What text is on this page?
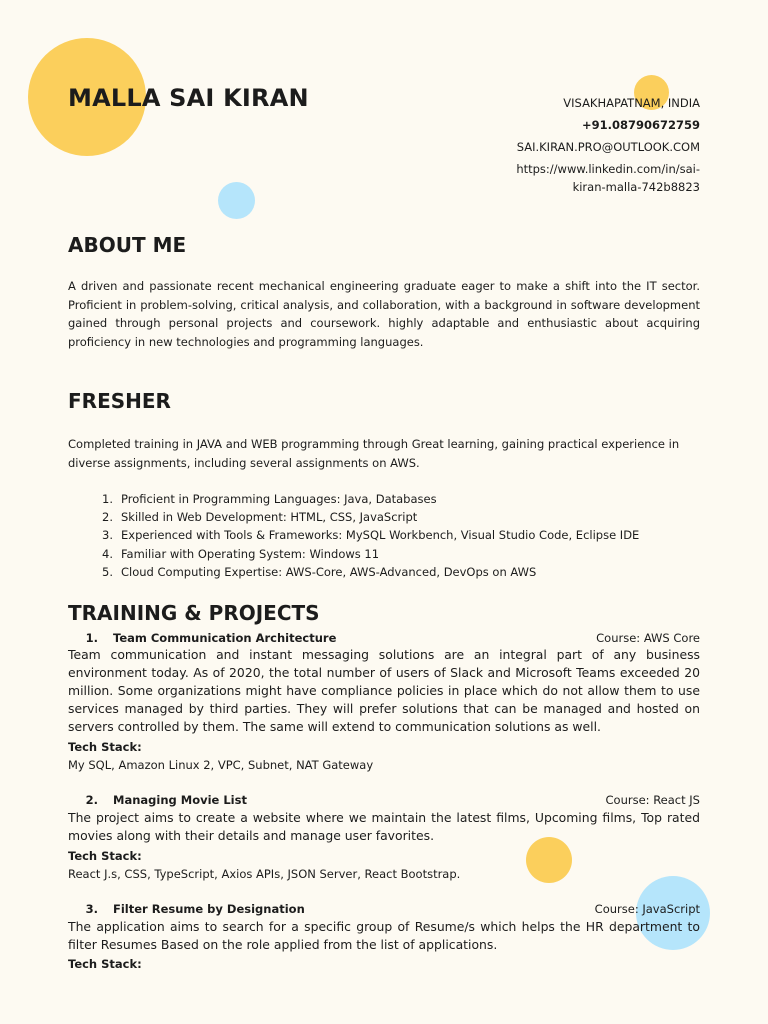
MALLA SAI KIRAN	VISAKHAPATNAM, INDIA
+91.08790672759
SAI.KIRAN.PRO@OUTLOOK.COM
https://www.linkedin.com/in/sai-
kiran-malla-742b8823
ABOUT ME

A driven and passionate recent mechanical engineering graduate eager to make a shift into the IT sector. Proficient in problem-solving, critical analysis, and collaboration, with a background in software development gained through personal projects and coursework. highly adaptable and enthusiastic about acquiring proficiency in new technologies and programming languages.

FRESHER

Completed training in JAVA and WEB programming through Great learning, gaining practical experience in diverse assignments, including several assignments on AWS.

1. Proficient in Programming Languages: Java, Databases
2. Skilled in Web Development: HTML, CSS, JavaScript
3. Experienced with Tools & Frameworks: MySQL Workbench, Visual Studio Code, Eclipse IDE
4. Familiar with Operating System: Windows 11
5. Cloud Computing Expertise: AWS-Core, AWS-Advanced, DevOps on AWS
TRAINING & PROJECTS
1.	Team Communication Architecture	Course: AWS Core

Team communication and instant messaging solutions are an integral part of any business environment today. As of 2020, the total number of users of Slack and Microsoft Teams exceeded 20 million. Some organizations might have compliance policies in place which do not allow them to use services managed by third parties. They will prefer solutions that can be managed and hosted on servers controlled by them. The same will extend to communication solutions as well.

Tech Stack:
My SQL, Amazon Linux 2, VPC, Subnet, NAT Gateway
2.	Managing Movie List	Course: React JS

The project aims to create a website where we maintain the latest films, Upcoming films, Top rated movies along with their details and manage user favorites.

Tech Stack:
React J.s, CSS, TypeScript, Axios APIs, JSON Server, React Bootstrap.
3.	Filter Resume by Designation	Course: JavaScript

The application aims to search for a specific group of Resume/s which helps the HR department to filter Resumes Based on the role applied from the list of applications.

Tech Stack:
